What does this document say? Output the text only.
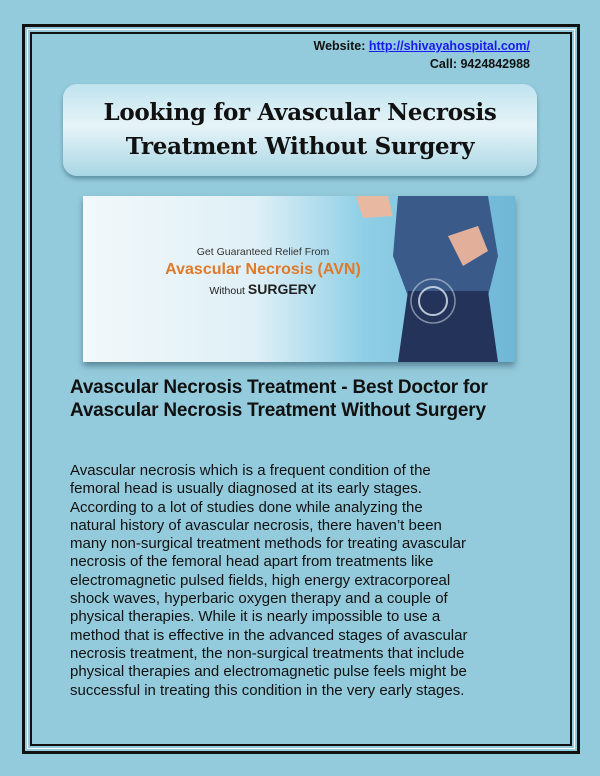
Website: http://shivayahospital.com/
Call: 9424842988
Looking for Avascular Necrosis
Treatment Without Surgery
Get Guaranteed Relief From
Avascular Necrosis (AVN)
Without SURGERY
Avascular Necrosis Treatment - Best Doctor for
Avascular Necrosis Treatment Without Surgery
Avascular necrosis which is a frequent condition of the
femoral head is usually diagnosed at its early stages.
According to a lot of studies done while analyzing the
natural history of avascular necrosis, there haven’t been
many non-surgical treatment methods for treating avascular
necrosis of the femoral head apart from treatments like
electromagnetic pulsed fields, high energy extracorporeal
shock waves, hyperbaric oxygen therapy and a couple of
physical therapies. While it is nearly impossible to use a
method that is effective in the advanced stages of avascular
necrosis treatment, the non-surgical treatments that include
physical therapies and electromagnetic pulse feels might be
successful in treating this condition in the very early stages.
